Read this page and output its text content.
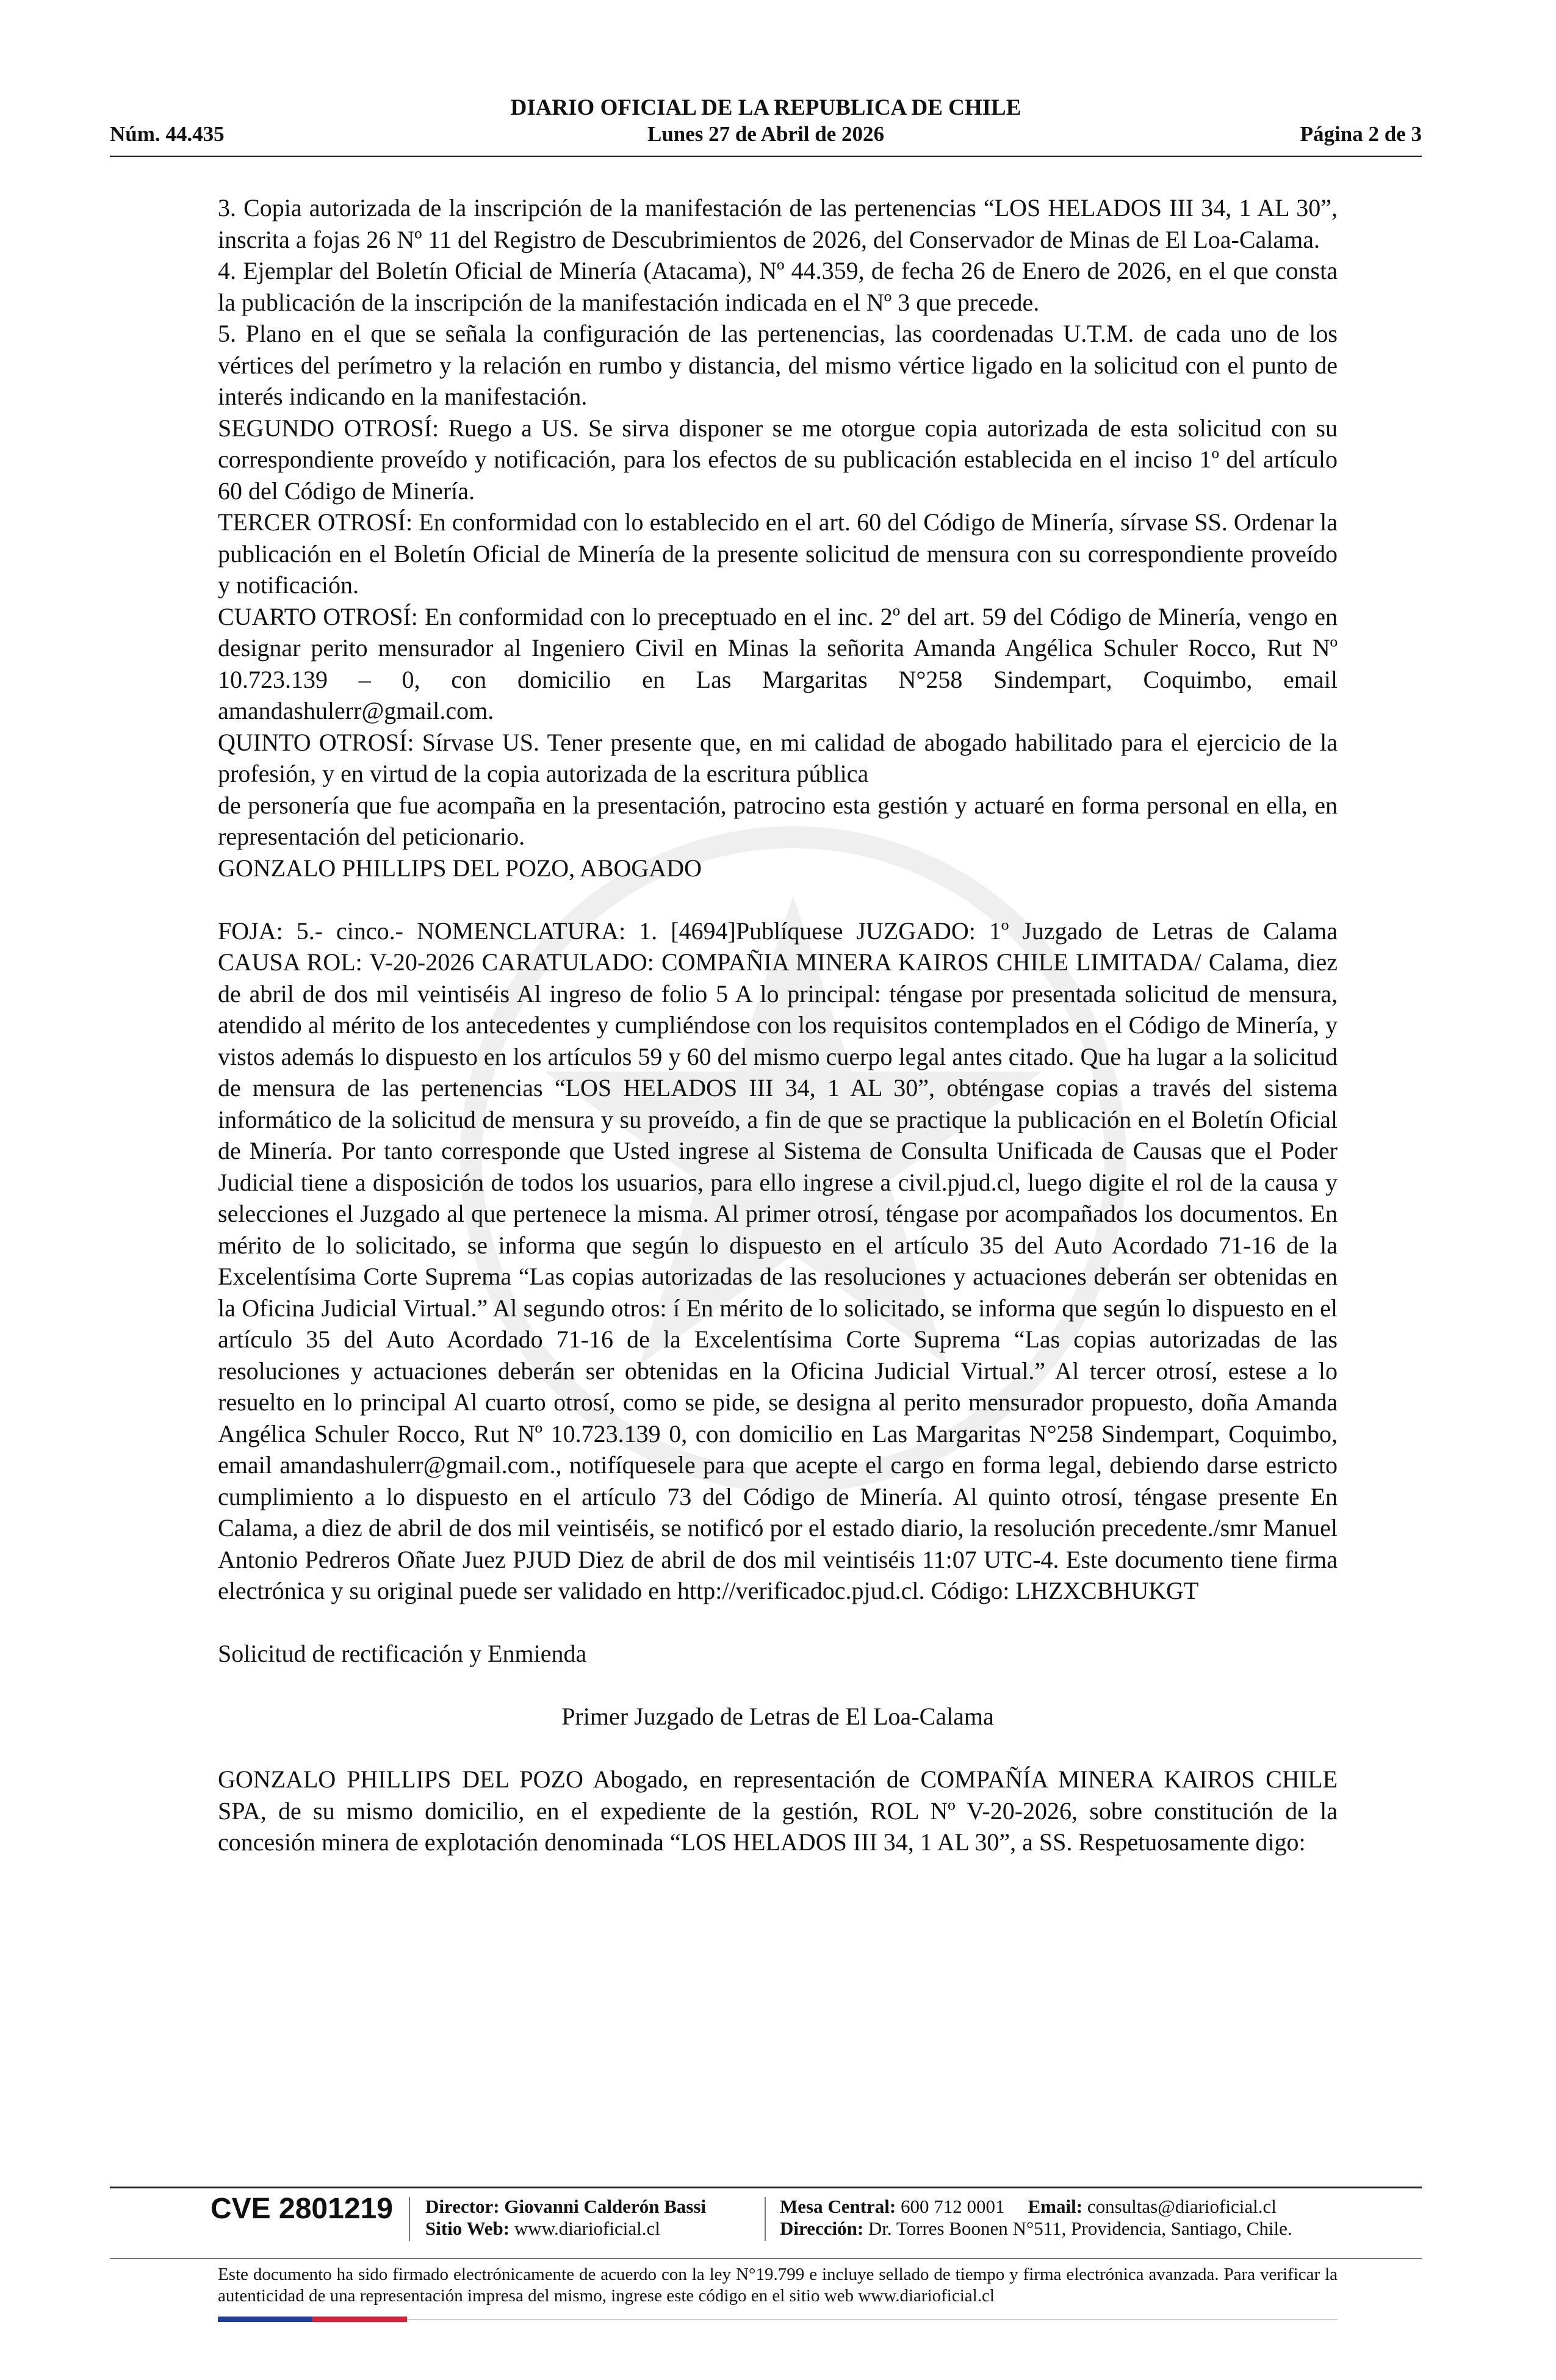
DIARIO OFICIAL DE LA REPUBLICA DE CHILE
Núm. 44.435	Lunes 27 de Abril de 2026	Página 2 de 3

3. Copia autorizada de la inscripción de la manifestación de las pertenencias “LOS HELADOS III 34, 1 AL 30”, inscrita a fojas 26 Nº 11 del Registro de Descubrimientos de 2026, del Conservador de Minas de El Loa-Calama.

4. Ejemplar del Boletín Oficial de Minería (Atacama), Nº 44.359, de fecha 26 de Enero de 2026, en el que consta la publicación de la inscripción de la manifestación indicada en el Nº 3 que precede.

5. Plano en el que se señala la configuración de las pertenencias, las coordenadas U.T.M. de cada uno de los vértices del perímetro y la relación en rumbo y distancia, del mismo vértice ligado en la solicitud con el punto de interés indicando en la manifestación.

SEGUNDO OTROSÍ: Ruego a US. Se sirva disponer se me otorgue copia autorizada de esta solicitud con su correspondiente proveído y notificación, para los efectos de su publicación establecida en el inciso 1º del artículo 60 del Código de Minería.

TERCER OTROSÍ: En conformidad con lo establecido en el art. 60 del Código de Minería, sírvase SS. Ordenar la publicación en el Boletín Oficial de Minería de la presente solicitud de mensura con su correspondiente proveído y notificación.

CUARTO OTROSÍ: En conformidad con lo preceptuado en el inc. 2º del art. 59 del Código de Minería, vengo en designar perito mensurador al Ingeniero Civil en Minas la señorita Amanda Angélica Schuler Rocco, Rut Nº 10.723.139 – 0, con domicilio en Las Margaritas N°258 Sindempart, Coquimbo, email amandashulerr@gmail.com.

QUINTO OTROSÍ: Sírvase US. Tener presente que, en mi calidad de abogado habilitado para el ejercicio de la profesión, y en virtud de la copia autorizada de la escritura pública

de personería que fue acompaña en la presentación, patrocino esta gestión y actuaré en forma personal en ella, en representación del peticionario.

GONZALO PHILLIPS DEL POZO, ABOGADO

FOJA: 5.- cinco.- NOMENCLATURA: 1. [4694]Publíquese JUZGADO: 1º Juzgado de Letras de Calama CAUSA ROL: V-20-2026 CARATULADO: COMPAÑIA MINERA KAIROS CHILE LIMITADA/ Calama, diez de abril de dos mil veintiséis Al ingreso de folio 5 A lo principal: téngase por presentada solicitud de mensura, atendido al mérito de los antecedentes y cumpliéndose con los requisitos contemplados en el Código de Minería, y vistos además lo dispuesto en los artículos 59 y 60 del mismo cuerpo legal antes citado. Que ha lugar a la solicitud de mensura de las pertenencias “LOS HELADOS III 34, 1 AL 30”, obténgase copias a través del sistema informático de la solicitud de mensura y su proveído, a fin de que se practique la publicación en el Boletín Oficial de Minería. Por tanto corresponde que Usted ingrese al Sistema de Consulta Unificada de Causas que el Poder Judicial tiene a disposición de todos los usuarios, para ello ingrese a civil.pjud.cl, luego digite el rol de la causa y selecciones el Juzgado al que pertenece la misma. Al primer otrosí, téngase por acompañados los documentos. En mérito de lo solicitado, se informa que según lo dispuesto en el artículo 35 del Auto Acordado 71-16 de la Excelentísima Corte Suprema “Las copias autorizadas de las resoluciones y actuaciones deberán ser obtenidas en la Oficina Judicial Virtual.” Al segundo otros: í En mérito de lo solicitado, se informa que según lo dispuesto en el artículo 35 del Auto Acordado 71-16 de la Excelentísima Corte Suprema “Las copias autorizadas de las resoluciones y actuaciones deberán ser obtenidas en la Oficina Judicial Virtual.” Al tercer otrosí, estese a lo resuelto en lo principal Al cuarto otrosí, como se pide, se designa al perito mensurador propuesto, doña Amanda Angélica Schuler Rocco, Rut Nº 10.723.139 0, con domicilio en Las Margaritas N°258 Sindempart, Coquimbo, email amandashulerr@gmail.com., notifíquesele para que acepte el cargo en forma legal, debiendo darse estricto cumplimiento a lo dispuesto en el artículo 73 del Código de Minería. Al quinto otrosí, téngase presente En Calama, a diez de abril de dos mil veintiséis, se notificó por el estado diario, la resolución precedente./smr Manuel Antonio Pedreros Oñate Juez PJUD Diez de abril de dos mil veintiséis 11:07 UTC-4. Este documento tiene firma electrónica y su original puede ser validado en http://verificadoc.pjud.cl. Código: LHZXCBHUKGT

Solicitud de rectificación y Enmienda

Primer Juzgado de Letras de El Loa-Calama

GONZALO PHILLIPS DEL POZO Abogado, en representación de COMPAÑÍA MINERA KAIROS CHILE SPA, de su mismo domicilio, en el expediente de la gestión, ROL Nº V-20-2026, sobre constitución de la concesión minera de explotación denominada “LOS HELADOS III 34, 1 AL 30”, a SS. Respetuosamente digo:

CVE 2801219 Director: Giovanni Calderón Bassi
Sitio Web: www.diarioficial.cl
Mesa Central: 600 712 0001 Email: consultas@diarioficial.cl
Dirección: Dr. Torres Boonen N°511, Providencia, Santiago, Chile.
Este documento ha sido firmado electrónicamente de acuerdo con la ley N°19.799 e incluye sellado de tiempo y firma electrónica avanzada. Para verificar la autenticidad de una representación impresa del mismo, ingrese este código en el sitio web www.diarioficial.cl
